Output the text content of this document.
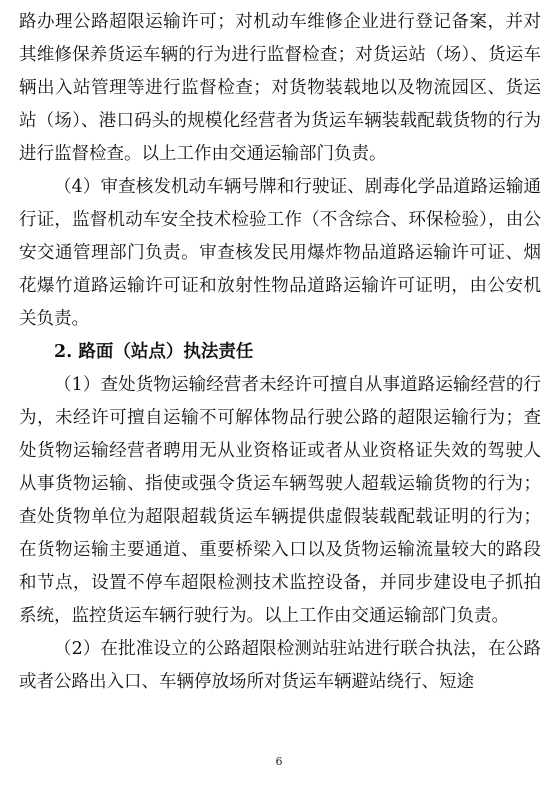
路办理公路超限运输许可；对机动车维修企业进行登记备案，并对其维修保养货运车辆的行为进行监督检查；对货运站（场）、货运车辆出入站管理等进行监督检查；对货物装载地以及物流园区、货运站（场）、港口码头的规模化经营者为货运车辆装载配载货物的行为进行监督检查。以上工作由交通运输部门负责。

（4）审查核发机动车辆号牌和行驶证、剧毒化学品道路运输通行证，监督机动车安全技术检验工作（不含综合、环保检验），由公安交通管理部门负责。审查核发民用爆炸物品道路运输许可证、烟花爆竹道路运输许可证和放射性物品道路运输许可证明，由公安机关负责。

2. 路面（站点）执法责任

（1）查处货物运输经营者未经许可擅自从事道路运输经营的行为，未经许可擅自运输不可解体物品行驶公路的超限运输行为；查处货物运输经营者聘用无从业资格证或者从业资格证失效的驾驶人从事货物运输、指使或强令货运车辆驾驶人超载运输货物的行为；查处货物单位为超限超载货运车辆提供虚假装载配载证明的行为；在货物运输主要通道、重要桥梁入口以及货物运输流量较大的路段和节点，设置不停车超限检测技术监控设备，并同步建设电子抓拍系统，监控货运车辆行驶行为。以上工作由交通运输部门负责。

（2）在批准设立的公路超限检测站驻站进行联合执法，在公路或者公路出入口、车辆停放场所对货运车辆避站绕行、短途

6
